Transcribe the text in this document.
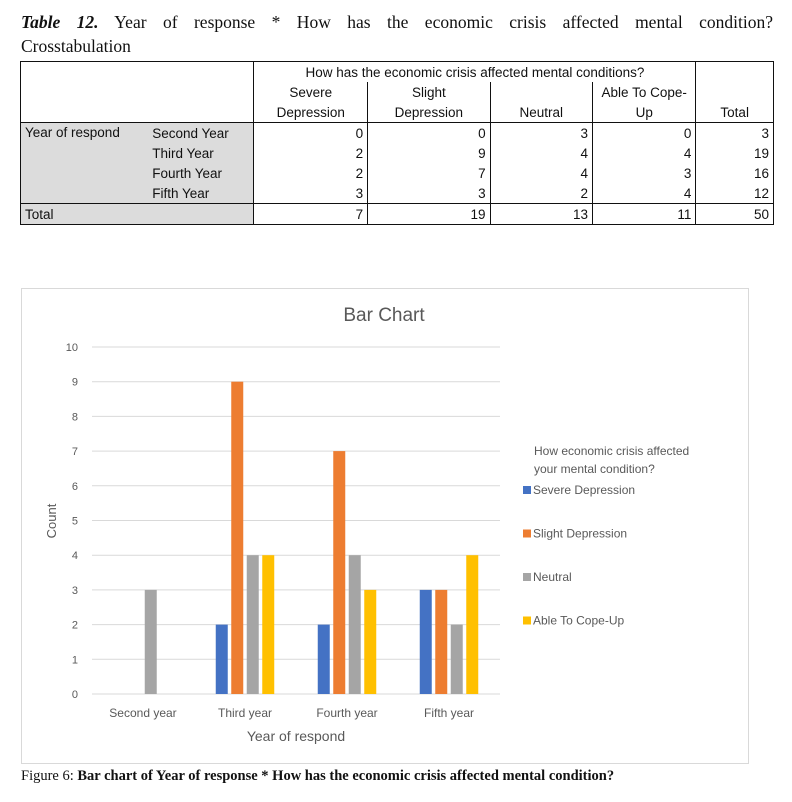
Table 12. Year of response * How has the economic crisis affected mental condition?
Crosstabulation
		How has the economic crisis affected mental conditions?				Total
		Severe	Slight		Able To Cope-	
		Depression	Depression	Neutral	Up	
Year of respond	Second Year	0	0	3	0	3
	Third Year	2	9	4	4	19
	Fourth Year	2	7	4	3	16
	Fifth Year	3	3	2	4	12
Total		7	19	13	11	50
Bar Chart
0
1
2
3
4
5
6
7
8
9
10
Second year	Third year	Fourth year	Fifth year
Count
Year of respond
How economic crisis affected your mental condition?
Severe Depression
Slight Depression
Neutral
Able To Cope-Up
Figure 6: Bar chart of Year of response * How has the economic crisis affected mental condition?
